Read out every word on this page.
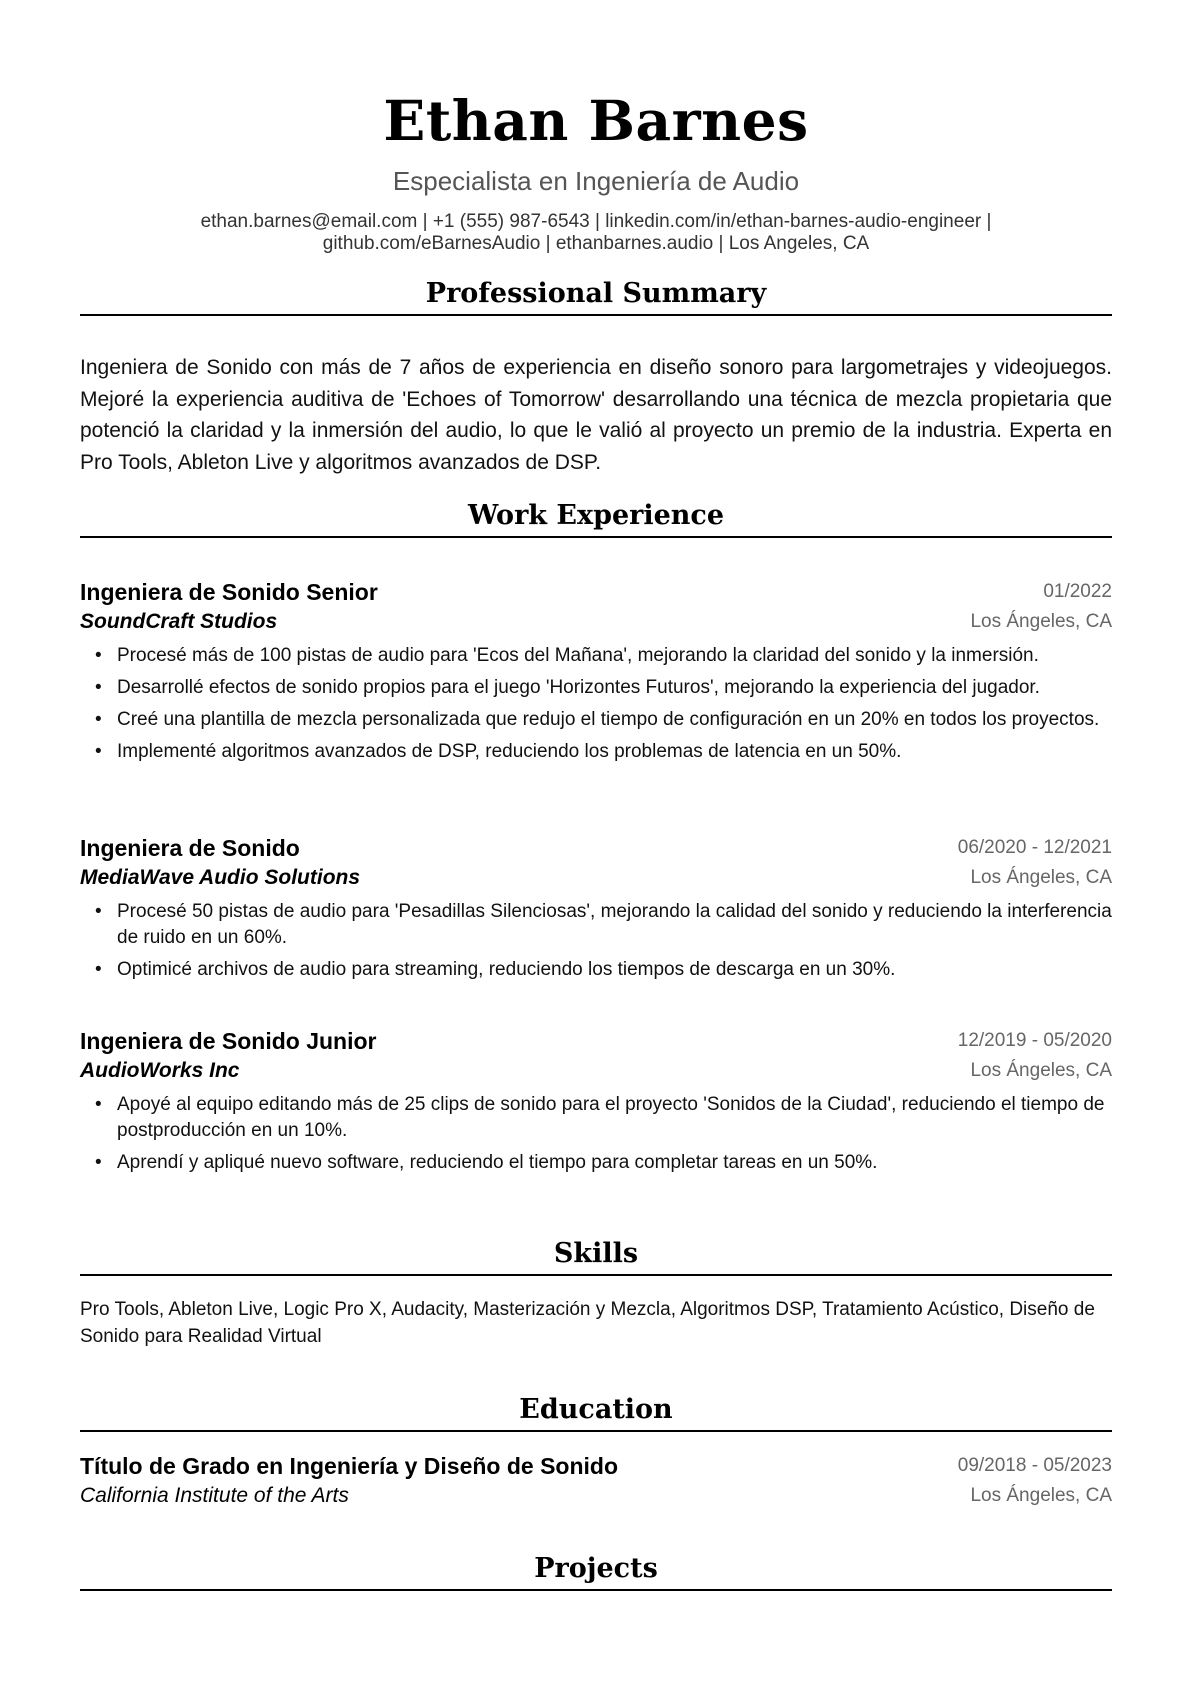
Ethan Barnes
Especialista en Ingeniería de Audio
ethan.barnes@email.com | +1 (555) 987-6543 | linkedin.com/in/ethan-barnes-audio-engineer |
github.com/eBarnesAudio | ethanbarnes.audio | Los Angeles, CA
Professional Summary
Ingeniera de Sonido con más de 7 años de experiencia en diseño sonoro para largometrajes y videojuegos. Mejoré la experiencia auditiva de 'Echoes of Tomorrow' desarrollando una técnica de mezcla propietaria que potenció la claridad y la inmersión del audio, lo que le valió al proyecto un premio de la industria. Experta en Pro Tools, Ableton Live y algoritmos avanzados de DSP.
Work Experience
Ingeniera de Sonido Senior	01/2022
SoundCraft Studios	Los Ángeles, CA
• Procesé más de 100 pistas de audio para 'Ecos del Mañana', mejorando la claridad del sonido y la inmersión.
• Desarrollé efectos de sonido propios para el juego 'Horizontes Futuros', mejorando la experiencia del jugador.
• Creé una plantilla de mezcla personalizada que redujo el tiempo de configuración en un 20% en todos los proyectos.
• Implementé algoritmos avanzados de DSP, reduciendo los problemas de latencia en un 50%.
Ingeniera de Sonido	06/2020 - 12/2021
MediaWave Audio Solutions	Los Ángeles, CA
• Procesé 50 pistas de audio para 'Pesadillas Silenciosas', mejorando la calidad del sonido y reduciendo la interferencia de ruido en un 60%.
• Optimicé archivos de audio para streaming, reduciendo los tiempos de descarga en un 30%.
Ingeniera de Sonido Junior	12/2019 - 05/2020
AudioWorks Inc	Los Ángeles, CA
• Apoyé al equipo editando más de 25 clips de sonido para el proyecto 'Sonidos de la Ciudad', reduciendo el tiempo de postproducción en un 10%.
• Aprendí y apliqué nuevo software, reduciendo el tiempo para completar tareas en un 50%.
Skills
Pro Tools, Ableton Live, Logic Pro X, Audacity, Masterización y Mezcla, Algoritmos DSP, Tratamiento Acústico, Diseño de Sonido para Realidad Virtual
Education
Título de Grado en Ingeniería y Diseño de Sonido	09/2018 - 05/2023
California Institute of the Arts	Los Ángeles, CA
Projects
